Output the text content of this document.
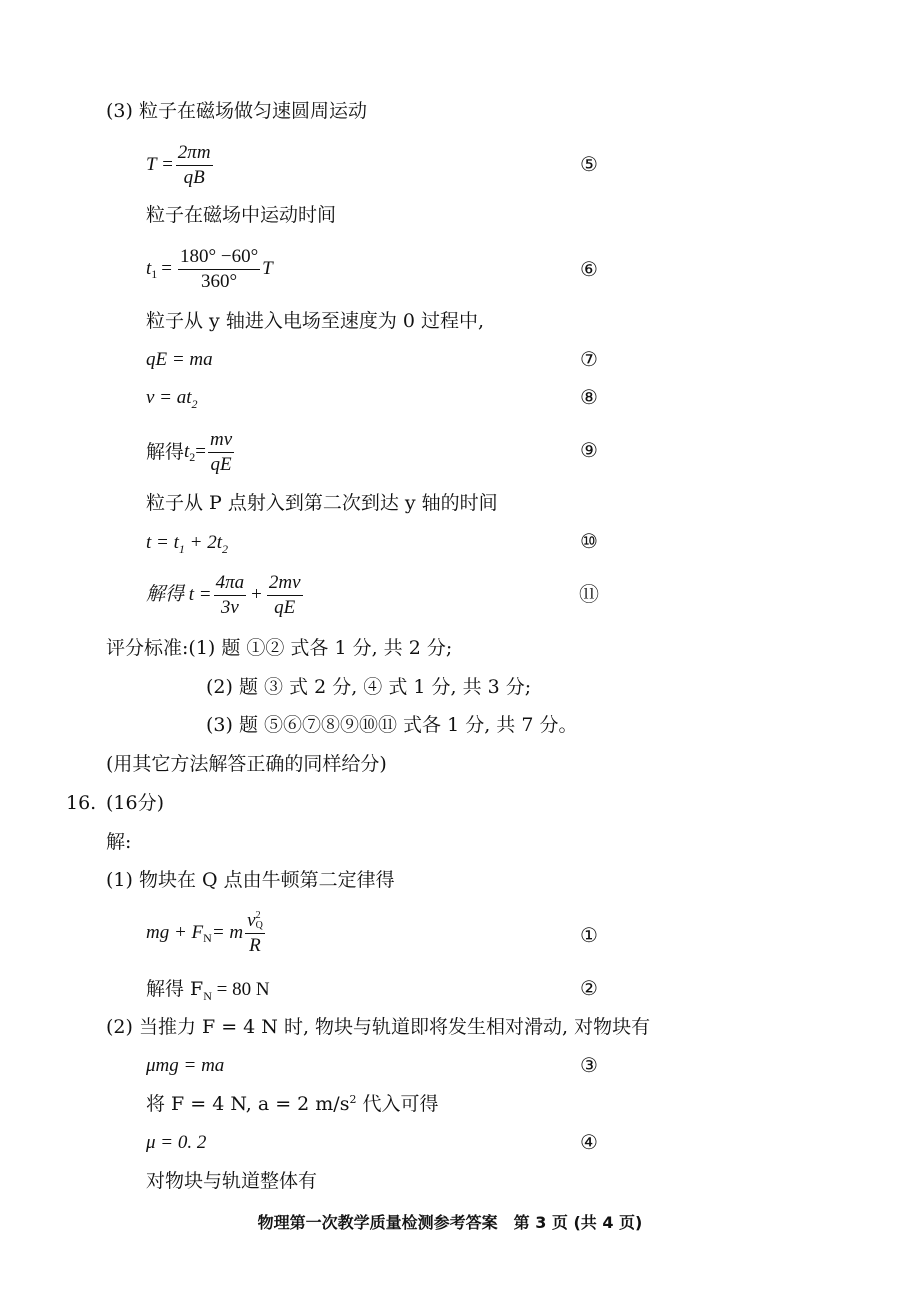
(3) 粒子在磁场做匀速圆周运动
$T = \frac{2\pi m}{qB}$	⑤
粒子在磁场中运动时间
t $1 = \frac{180^\circ -60^\circ}{360^\circ}$ T	⑥
粒子从 y 轴进入电场至速度为 0 过程中,
qE = ma	⑦
$v = at_2$	⑧
解得 t $2 = \frac{mv}{qE}$	⑨
粒子从 P 点射入到第二次到达 y 轴的时间
$t = t_1 + 2t_2$	⑩
解得 $t = \frac{4\pi a}{3v} + \frac{2mv}{qE}$	⑪
评分标准:(1) 题 ①② 式各 1 分, 共 2 分;
(2) 题 ③ 式 2 分, ④ 式 1 分, 共 3 分;
(3) 题 ⑤⑥⑦⑧⑨⑩⑪ 式各 1 分, 共 7 分。
(用其它方法解答正确的同样给分)
16. (16分)
解:
(1) 物块在 Q 点由牛顿第二定律得
mg + F N = m v 2
Q
R	①
解得 $F_N = 80$ N	②
(2) 当推力 F = 4 N 时, 物块与轨道即将发生相对滑动, 对物块有
μmg = ma	③
将 F = 4 N, a = 2 $m/s^2$ 代入可得
μ = 0. 2	④
对物块与轨道整体有
物理第一次教学质量检测参考答案　第 3 页 (共 4 页)
